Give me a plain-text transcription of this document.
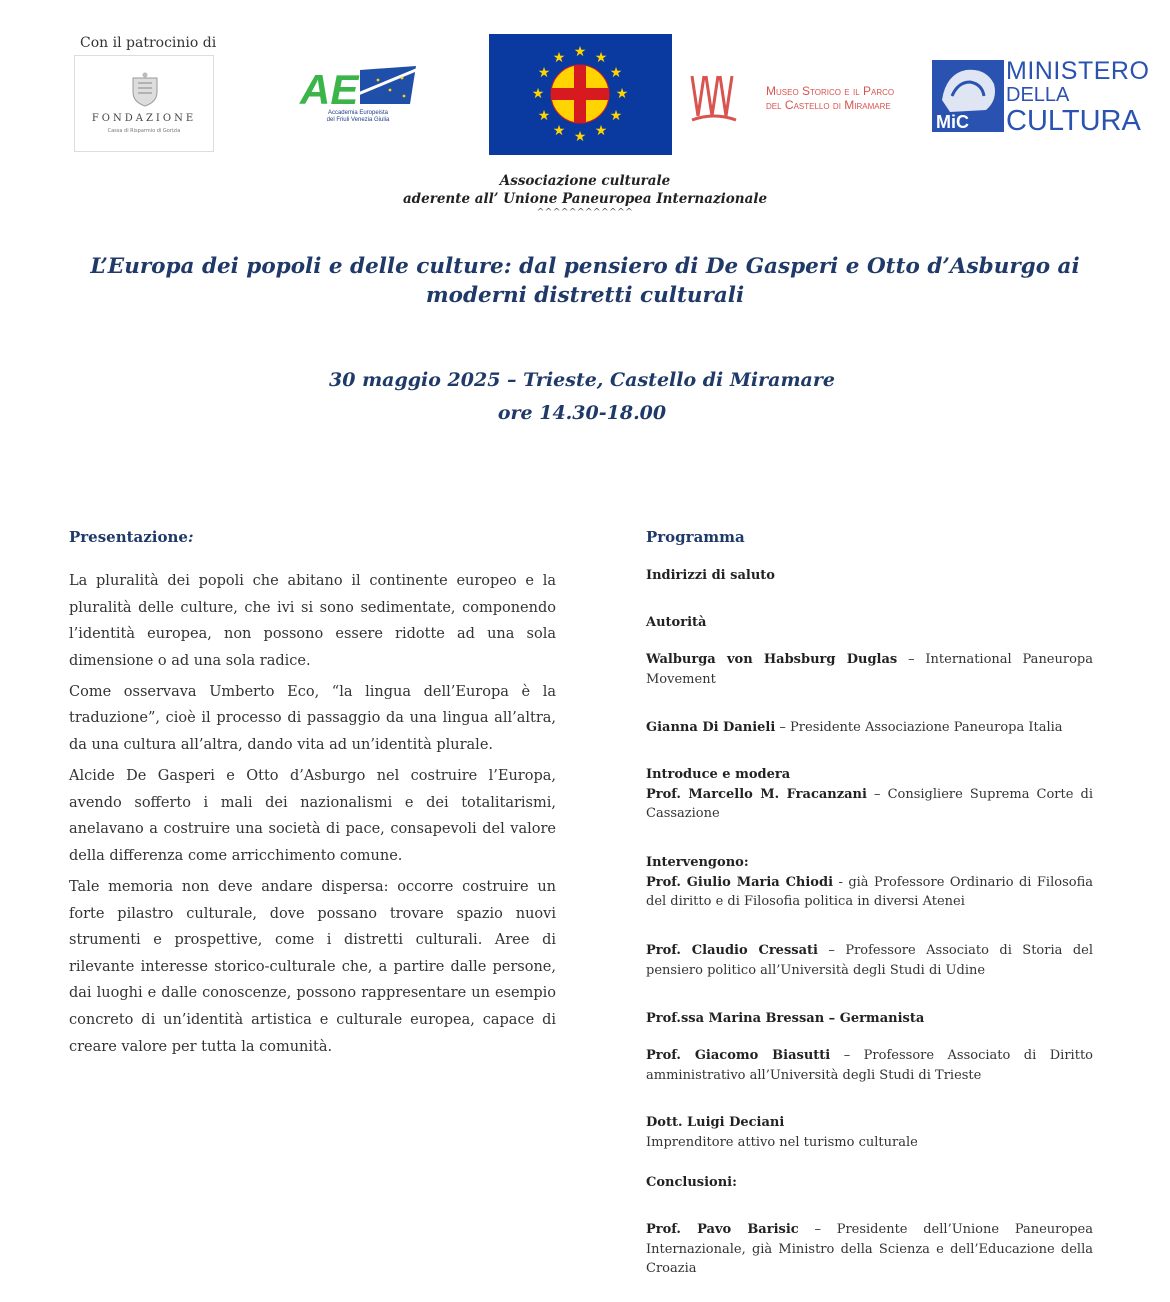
Con il patrocinio di
FONDAZIONE
Cassa di Risparmio di Gorizia
AE
Accademia Europeista
del Friuli Venezia Giulia
★ ★
★
★
★
★
★
★
★
★
★
★
Museo Storico e il Parco
del Castello di Miramare
MiC
MINISTERO
DELLA
CULTURA
Associazione culturale
aderente all’ Unione Paneuropea Internazionale
^^^^^^^^^^^^
L’Europa dei popoli e delle culture: dal pensiero di De Gasperi e Otto d’Asburgo ai moderni distretti culturali
30 maggio 2025 – Trieste, Castello di Miramare
ore 14.30-18.00
Presentazione:

La pluralità dei popoli che abitano il continente europeo e la pluralità delle culture, che ivi si sono sedimentate, componendo l’identità europea, non possono essere ridotte ad una sola dimensione o ad una sola radice.

Come osservava Umberto Eco, “la lingua dell’Europa è la traduzione”, cioè il processo di passaggio da una lingua all’altra, da una cultura all’altra, dando vita ad un’identità plurale.

Alcide De Gasperi e Otto d’Asburgo nel costruire l’Europa, avendo sofferto i mali dei nazionalismi e dei totalitarismi, anelavano a costruire una società di pace, consapevoli del valore della differenza come arricchimento comune.

Tale memoria non deve andare dispersa: occorre costruire un forte pilastro culturale, dove possano trovare spazio nuovi strumenti e prospettive, come i distretti culturali. Aree di rilevante interesse storico-culturale che, a partire dalle persone, dai luoghi e dalle conoscenze, possono rappresentare un esempio concreto di un’identità artistica e culturale europea, capace di creare valore per tutta la comunità.

Programma
Indirizzi di saluto
Autorità
Walburga von Habsburg Duglas – International Paneuropa Movement
Gianna Di Danieli – Presidente Associazione Paneuropa Italia
Introduce e modera
Prof. Marcello M. Fracanzani – Consigliere Suprema Corte di Cassazione
Intervengono:
Prof. Giulio Maria Chiodi - già Professore Ordinario di Filosofia del diritto e di Filosofia politica in diversi Atenei
Prof. Claudio Cressati – Professore Associato di Storia del pensiero politico all’Università degli Studi di Udine
Prof.ssa Marina Bressan – Germanista
Prof. Giacomo Biasutti – Professore Associato di Diritto amministrativo all’Università degli Studi di Trieste
Dott. Luigi Deciani
Imprenditore attivo nel turismo culturale
Conclusioni:
Prof. Pavo Barisic – Presidente dell’Unione Paneuropea Internazionale, già Ministro della Scienza e dell’Educazione della Croazia
